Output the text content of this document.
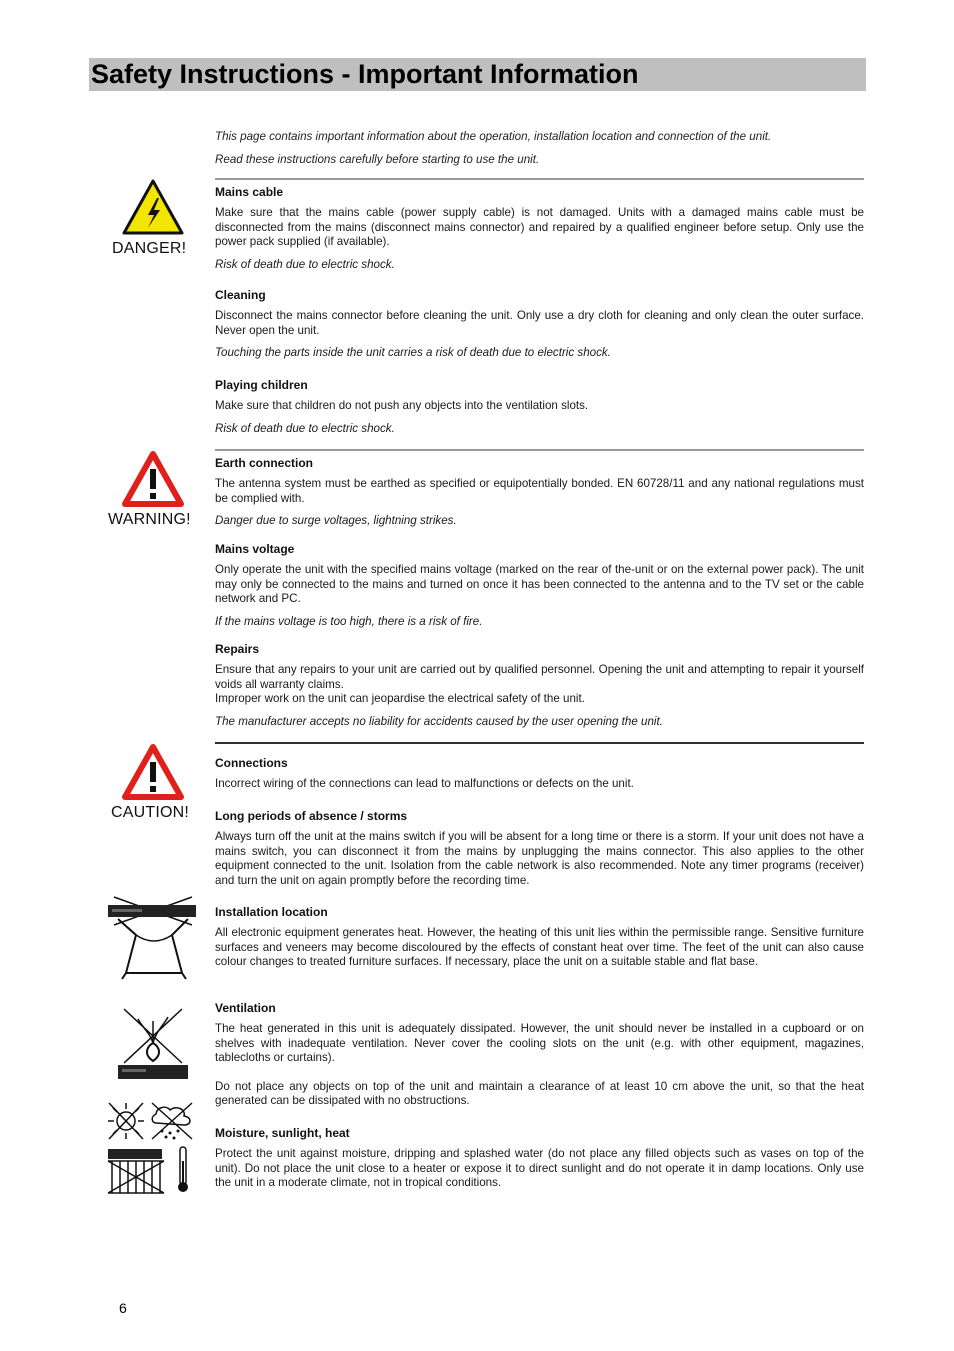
Safety Instructions - Important Information
This page contains important information about the operation, installation location and connection of the unit.
Read these instructions carefully before starting to use the unit.
DANGER!
Mains cable

Make sure that the mains cable (power supply cable) is not damaged. Units with a damaged mains cable must be disconnected from the mains (disconnect mains connector) and repaired by a qualified engineer before setup. Only use the power pack supplied (if available).

Risk of death due to electric shock.

Cleaning

Disconnect the mains connector before cleaning the unit. Only use a dry cloth for cleaning and only clean the outer surface. Never open the unit.

Touching the parts inside the unit carries a risk of death due to electric shock.

Playing children

Make sure that children do not push any objects into the ventilation slots.

Risk of death due to electric shock.

WARNING!
Earth connection

The antenna system must be earthed as specified or equipotentially bonded. EN 60728/11 and any national regulations must be complied with.

Danger due to surge voltages, lightning strikes.

Mains voltage

Only operate the unit with the specified mains voltage (marked on the rear of the-unit or on the external power pack). The unit may only be connected to the mains and turned on once it has been connected to the antenna and to the TV set or the cable network and PC.

If the mains voltage is too high, there is a risk of fire.

Repairs

Ensure that any repairs to your unit are carried out by qualified personnel. Opening the unit and attempting to repair it yourself voids all warranty claims.

Improper work on the unit can jeopardise the electrical safety of the unit.

The manufacturer accepts no liability for accidents caused by the user opening the unit.

CAUTION!
Connections

Incorrect wiring of the connections can lead to malfunctions or defects on the unit.

Long periods of absence / storms

Always turn off the unit at the mains switch if you will be absent for a long time or there is a storm. If your unit does not have a mains switch, you can disconnect it from the mains by unplugging the mains connector. This also applies to the other equipment connected to the unit. Isolation from the cable network is also recommended. Note any timer programs (receiver) and turn the unit on again promptly before the recording time.

Installation location

All electronic equipment generates heat. However, the heating of this unit lies within the permissible range. Sensitive furniture surfaces and veneers may become discoloured by the effects of constant heat over time. The feet of the unit can also cause colour changes to treated furniture surfaces. If necessary, place the unit on a suitable stable and flat base.

Ventilation

The heat generated in this unit is adequately dissipated. However, the unit should never be installed in a cupboard or on shelves with inadequate ventilation. Never cover the cooling slots on the unit (e.g. with other equipment, magazines, tablecloths or curtains).

Do not place any objects on top of the unit and maintain a clearance of at least 10 cm above the unit, so that the heat generated can be dissipated with no obstructions.

Moisture, sunlight, heat

Protect the unit against moisture, dripping and splashed water (do not place any filled objects such as vases on top of the unit). Do not place the unit close to a heater or expose it to direct sunlight and do not operate it in damp locations. Only use the unit in a moderate climate, not in tropical conditions.

6
